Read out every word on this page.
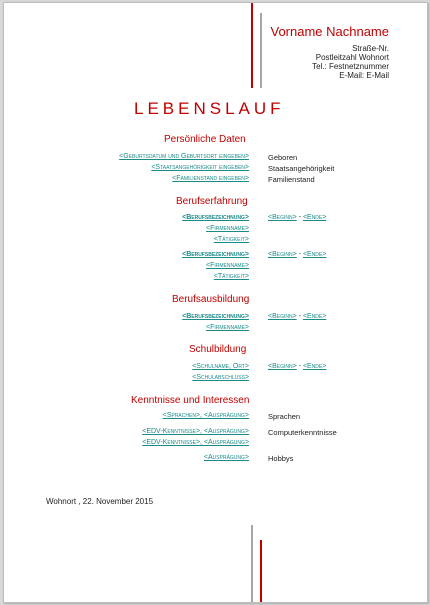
Vorname Nachname
Straße-Nr.
Postleitzahl Wohnort
Tel.: Festnetznummer
E-Mail: E-Mail
LEBENSLAUF
Persönliche Daten
<Geburtsdatum und Geburtsort eingeben>	Geboren
<Staatsangehörigkeit eingeben>	Staatsangehörigkeit
<Familienstand eingeben>	Familienstand
Berufserfahrung
<Berufsbezeichnung>	<Beginn> - <Ende>
<Firmenname>
<Tätigkeit>
<Berufsbezeichnung>	<Beginn> - <Ende>
<Firmenname>
<Tätigkeit>
Berufsausbildung
<Berufsbezeichnung>	<Beginn> - <Ende>
<Firmenname>
Schulbildung
<Schulname, Ort>	<Beginn> - <Ende>
<Schulabschluss>
Kenntnisse und Interessen
<Sprachen>, <Ausprägung>	Sprachen
<EDV-Kenntnisse>, <Ausprägung>	Computerkenntnisse
<EDV-Kenntnisse>, <Ausprägung>
<Ausprägung>	Hobbys
Wohnort , 22. November 2015
